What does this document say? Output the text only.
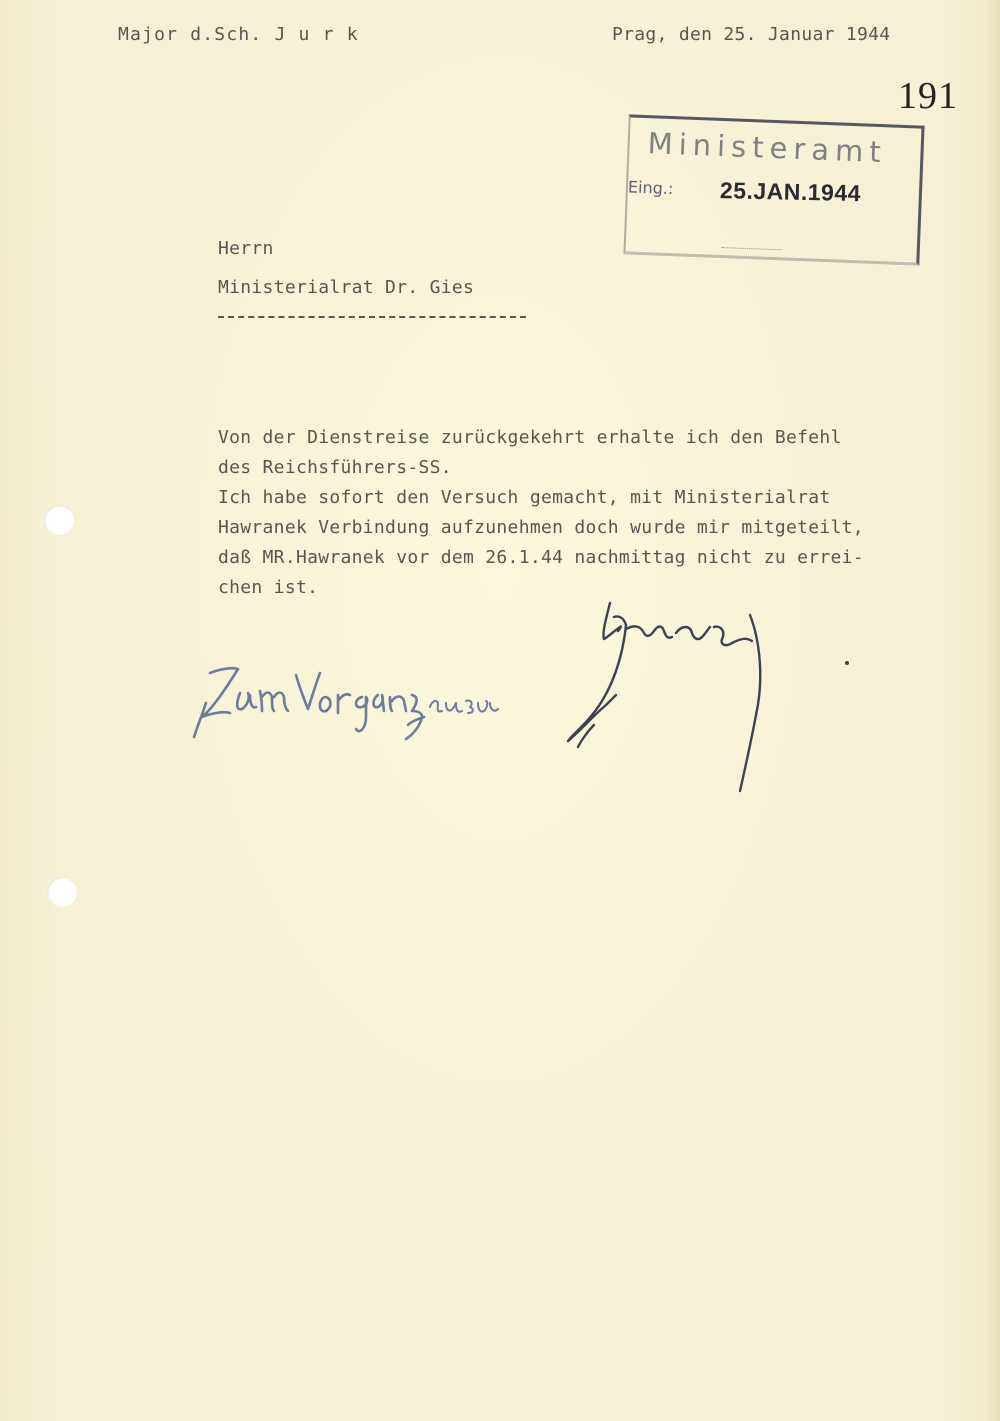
Major d.Sch. J u r k	Prag, den 25. Januar 1944
191
Ministeramt
Eing.: 25.JAN.1944
Herrn
Ministerialrat Dr. Gies
Von der Dienstreise zurückgekehrt erhalte ich den Befehl
des Reichsführers-SS.
Ich habe sofort den Versuch gemacht, mit Ministerialrat
Hawranek Verbindung aufzunehmen doch wurde mir mitgeteilt,
daß MR.Hawranek vor dem 26.1.44 nachmittag nicht zu errei-
chen ist.
